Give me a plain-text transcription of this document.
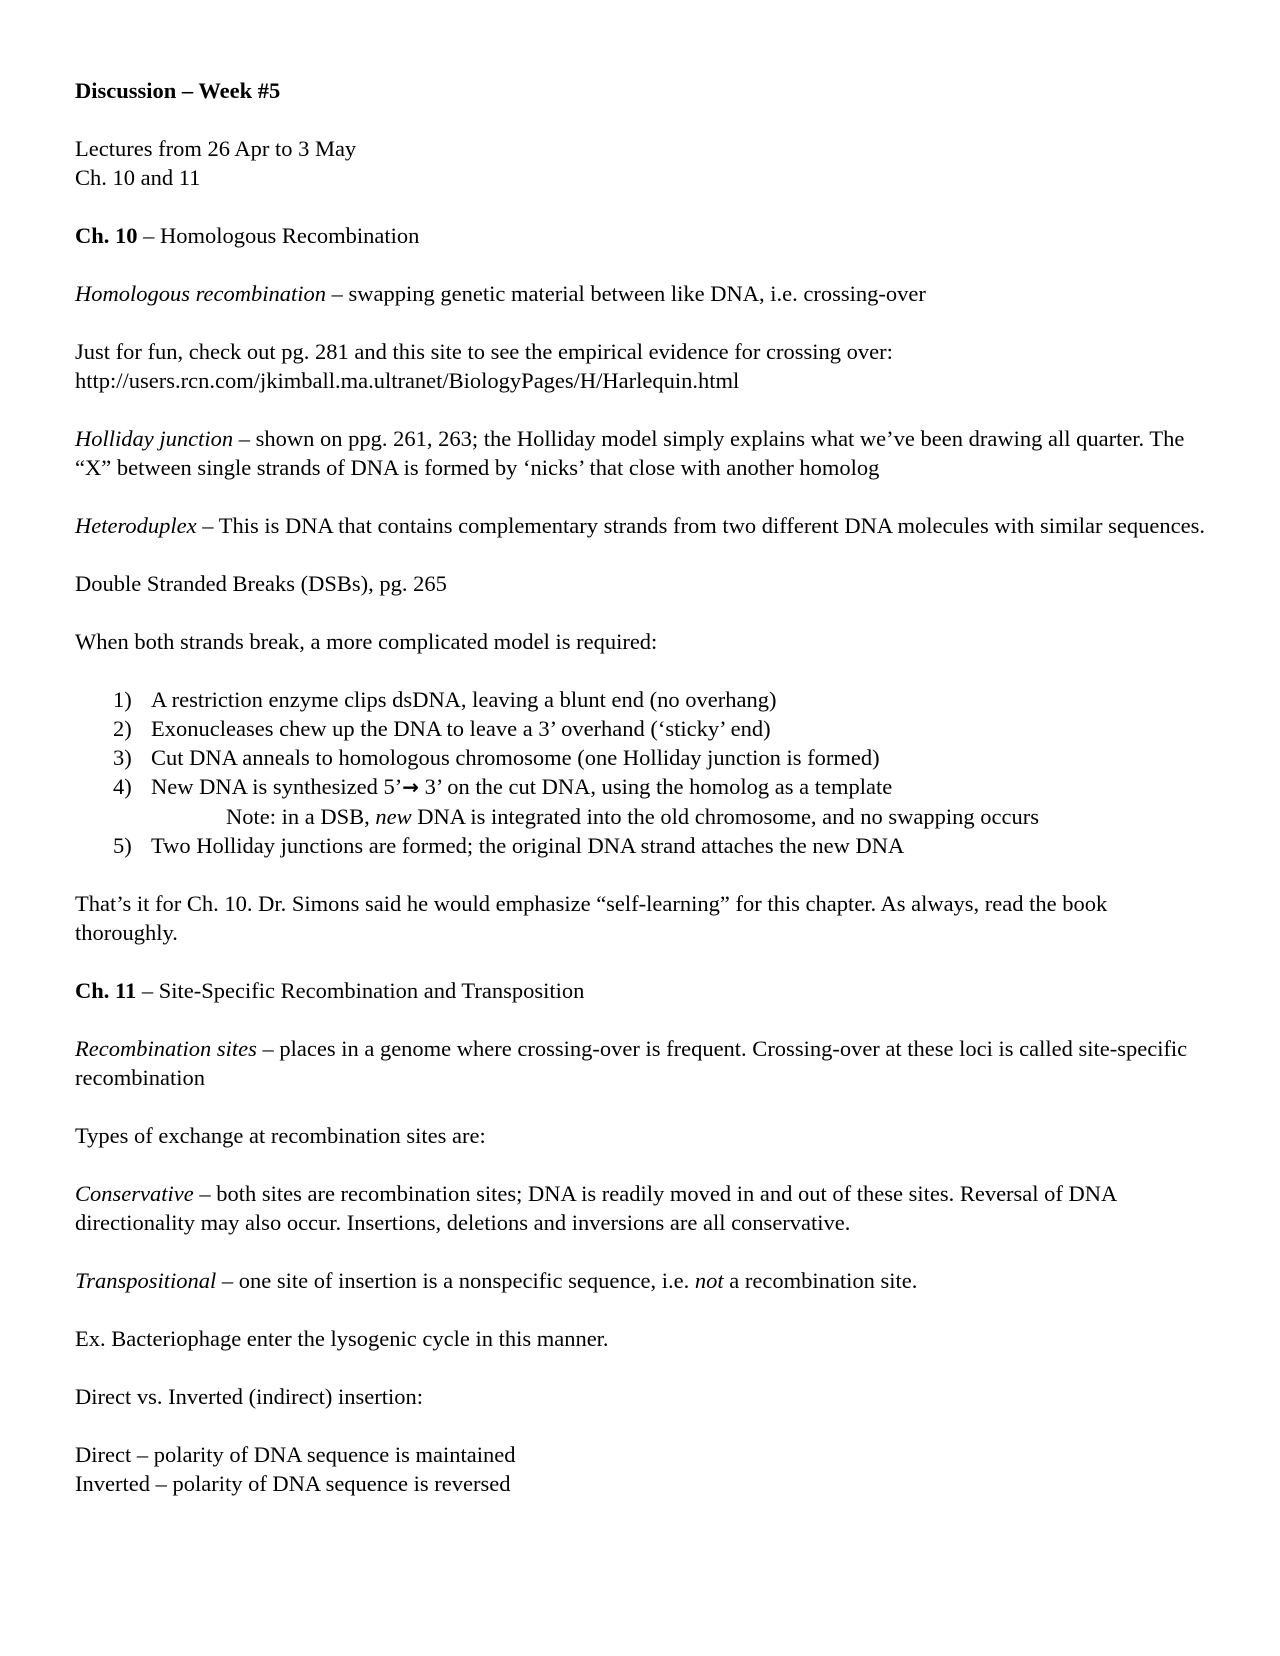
Discussion – Week #5

Lectures from 26 Apr to 3 May
Ch. 10 and 11

Ch. 10 – Homologous Recombination

Homologous recombination – swapping genetic material between like DNA, i.e. crossing-over

Just for fun, check out pg. 281 and this site to see the empirical evidence for crossing over:
http://users.rcn.com/jkimball.ma.ultranet/BiologyPages/H/Harlequin.html

Holliday junction – shown on ppg. 261, 263; the Holliday model simply explains what we’ve been drawing all quarter. The “X” between single strands of DNA is formed by ‘nicks’ that close with another homolog

Heteroduplex – This is DNA that contains complementary strands from two different DNA molecules with similar sequences.

Double Stranded Breaks (DSBs), pg. 265

When both strands break, a more complicated model is required:

1) A restriction enzyme clips dsDNA, leaving a blunt end (no overhang)
2) Exonucleases chew up the DNA to leave a 3’ overhand (‘sticky’ end)
3) Cut DNA anneals to homologous chromosome (one Holliday junction is formed)
4) New DNA is synthesized 5’→ 3’ on the cut DNA, using the homolog as a template
Note: in a DSB, new DNA is integrated into the old chromosome, and no swapping occurs
5) Two Holliday junctions are formed; the original DNA strand attaches the new DNA

That’s it for Ch. 10. Dr. Simons said he would emphasize “self-learning” for this chapter. As always, read the book thoroughly.

Ch. 11 – Site-Specific Recombination and Transposition

Recombination sites – places in a genome where crossing-over is frequent. Crossing-over at these loci is called site-specific recombination

Types of exchange at recombination sites are:

Conservative – both sites are recombination sites; DNA is readily moved in and out of these sites. Reversal of DNA directionality may also occur. Insertions, deletions and inversions are all conservative.

Transpositional – one site of insertion is a nonspecific sequence, i.e. not a recombination site.

Ex. Bacteriophage enter the lysogenic cycle in this manner.

Direct vs. Inverted (indirect) insertion:

Direct – polarity of DNA sequence is maintained
Inverted – polarity of DNA sequence is reversed
